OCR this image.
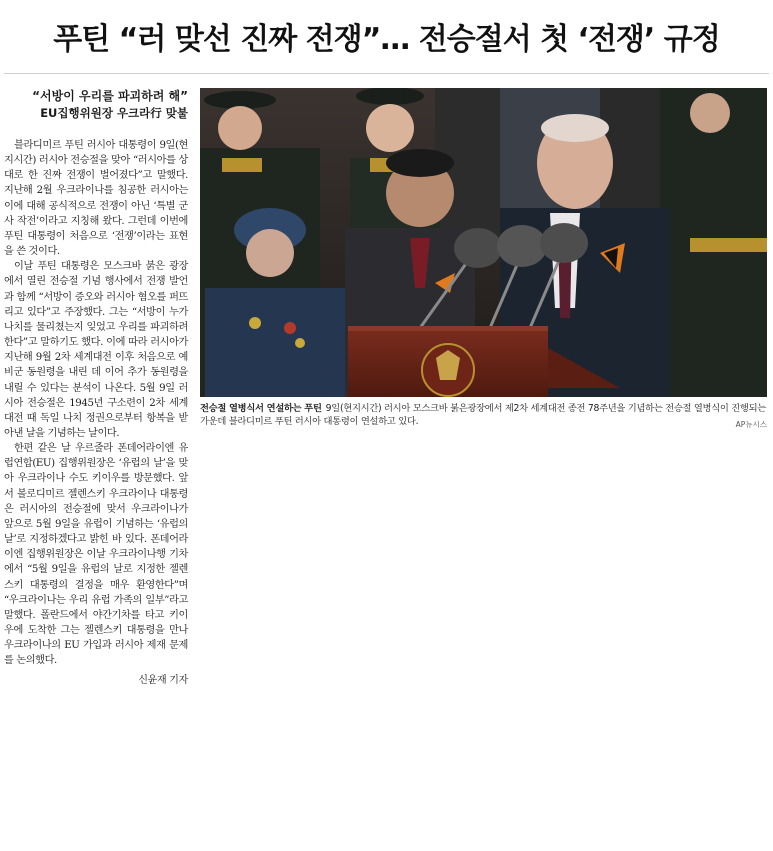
푸틴 “러 맞선 진짜 전쟁”… 전승절서 첫 ‘전쟁’ 규정
“서방이 우리를 파괴하려 해”
EU집행위원장 우크라行 맞불

블라디미르 푸틴 러시아 대통령이 9일(현지시간) 러시아 전승절을 맞아 “러시아를 상대로 한 진짜 전쟁이 벌어졌다”고 말했다. 지난해 2월 우크라이나를 침공한 러시아는 이에 대해 공식적으로 전쟁이 아닌 ‘특별 군사 작전’이라고 지칭해 왔다. 그런데 이번에 푸틴 대통령이 처음으로 ‘전쟁’이라는 표현을 쓴 것이다.

이날 푸틴 대통령은 모스크바 붉은 광장에서 열린 전승절 기념 행사에서 전쟁 발언과 함께 “서방이 증오와 러시아 혐오를 퍼뜨리고 있다”고 주장했다. 그는 “서방이 누가 나치를 물리쳤는지 잊었고 우리를 파괴하려 한다”고 말하기도 했다. 이에 따라 러시아가 지난해 9월 2차 세계대전 이후 처음으로 예비군 동원령을 내린 데 이어 추가 동원령을 내릴 수 있다는 분석이 나온다. 5월 9일 러시아 전승절은 1945년 구소련이 2차 세계대전 때 독일 나치 정권으로부터 항복을 받아낸 날을 기념하는 날이다.

한편 같은 날 우르줄라 폰데어라이엔 유럽연합(EU) 집행위원장은 ‘유럽의 날’을 맞아 우크라이나 수도 키이우를 방문했다. 앞서 볼로디미르 젤렌스키 우크라이나 대통령은 러시아의 전승절에 맞서 우크라이나가 앞으로 5월 9일을 유럽이 기념하는 ‘유럽의 날’로 지정하겠다고 밝힌 바 있다. 폰데어라이엔 집행위원장은 이날 우크라이나행 기차에서 “5월 9일을 유럽의 날로 지정한 젤렌스키 대통령의 결정을 매우 환영한다”며 “우크라이나는 우리 유럽 가족의 일부”라고 말했다. 폴란드에서 야간기차를 타고 키이우에 도착한 그는 젤렌스키 대통령을 만나 우크라이나의 EU 가입과 러시아 제재 문제를 논의했다.

신윤재 기자
전승절 열병식서 연설하는 푸틴 9일(현지시간) 러시아 모스크바 붉은광장에서 제2차 세계대전 종전 78주년을 기념하는 전승절 열병식이 진행되는 가운데 블라디미르 푸틴 러시아 대통령이 연설하고 있다.	AP뉴시스
